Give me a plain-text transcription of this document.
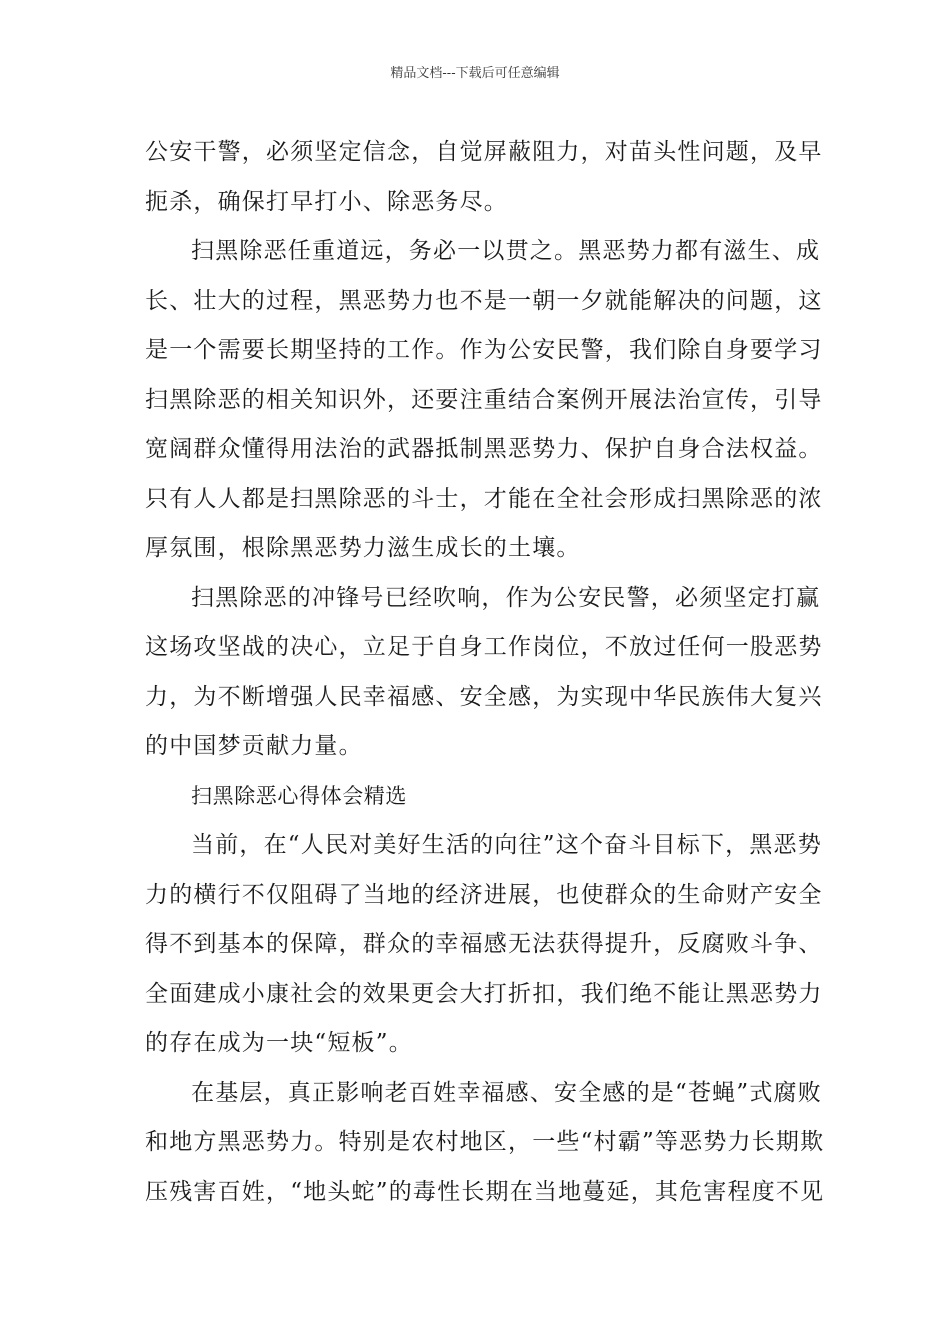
精品文档---下载后可任意编辑

公安干警，必须坚定信念，自觉屏蔽阻力，对苗头性问题，及早扼杀，确保打早打小、除恶务尽。

扫黑除恶任重道远，务必一以贯之。黑恶势力都有滋生、成长、壮大的过程，黑恶势力也不是一朝一夕就能解决的问题，这是一个需要长期坚持的工作。作为公安民警，我们除自身要学习扫黑除恶的相关知识外，还要注重结合案例开展法治宣传，引导宽阔群众懂得用法治的武器抵制黑恶势力、保护自身合法权益。只有人人都是扫黑除恶的斗士，才能在全社会形成扫黑除恶的浓厚氛围，根除黑恶势力滋生成长的土壤。

扫黑除恶的冲锋号已经吹响，作为公安民警，必须坚定打赢这场攻坚战的决心，立足于自身工作岗位，不放过任何一股恶势力，为不断增强人民幸福感、安全感，为实现中华民族伟大复兴的中国梦贡献力量。

扫黑除恶心得体会精选

当前，在“人民对美好生活的向往”这个奋斗目标下，黑恶势力的横行不仅阻碍了当地的经济进展，也使群众的生命财产安全得不到基本的保障，群众的幸福感无法获得提升，反腐败斗争、全面建成小康社会的效果更会大打折扣，我们绝不能让黑恶势力的存在成为一块“短板”。

在基层，真正影响老百姓幸福感、安全感的是“苍蝇”式腐败和地方黑恶势力。特别是农村地区，一些“村霸”等恶势力长期欺压残害百姓，“地头蛇”的毒性长期在当地蔓延，其危害程度不见
